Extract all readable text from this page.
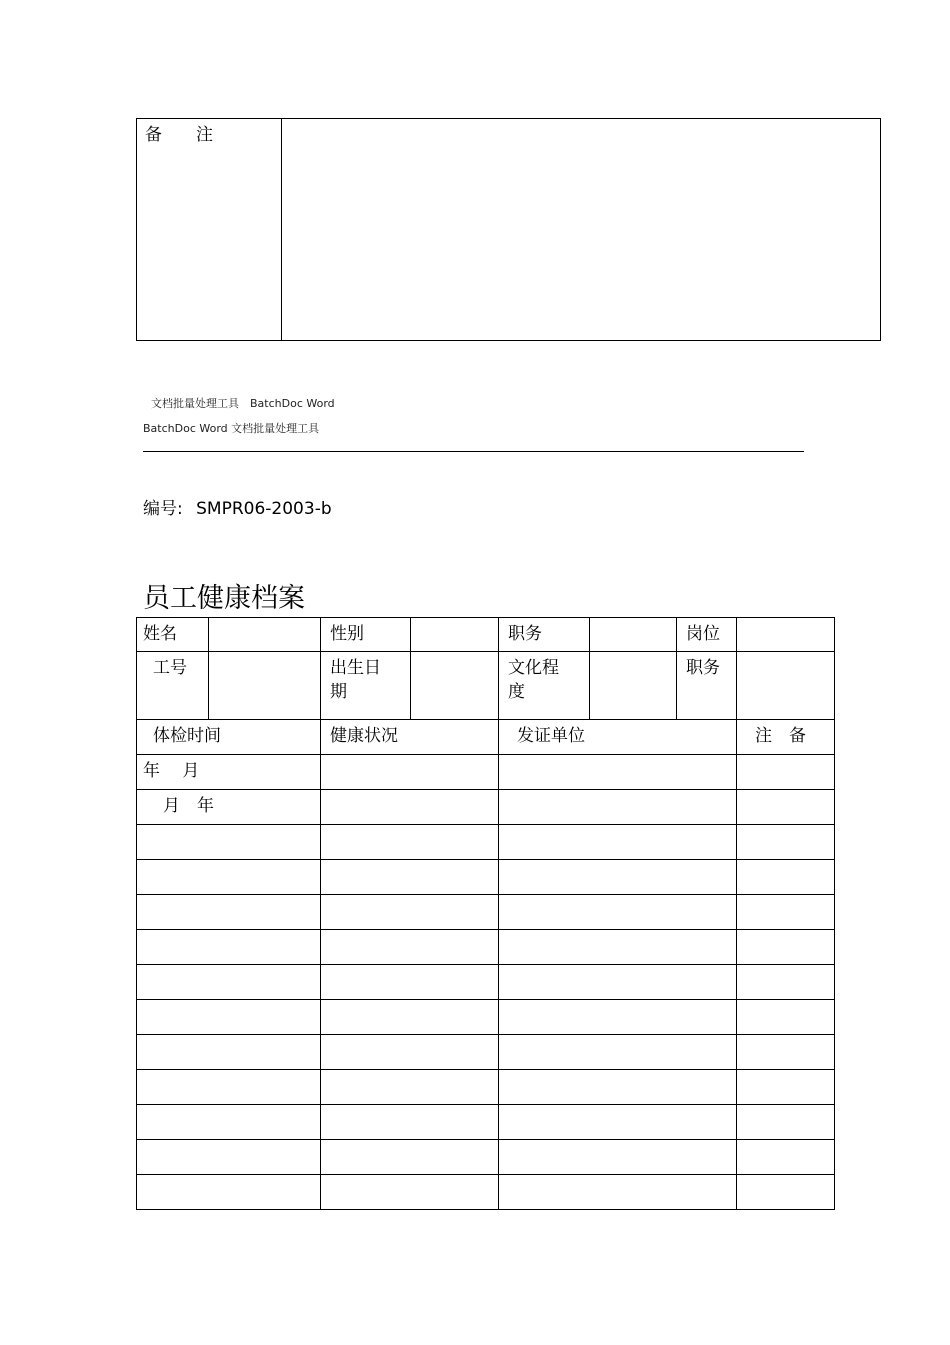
备　　注	
文档批量处理工具　BatchDoc Word
BatchDoc Word 文档批量处理工具
编号: SMPR06-2003-b
员工健康档案
姓名		性别		职务		岗位	
工号		出生日期		文化程度		职务	
体检时间	健康状况	发证单位	注　备
年　 月			
月　年			
